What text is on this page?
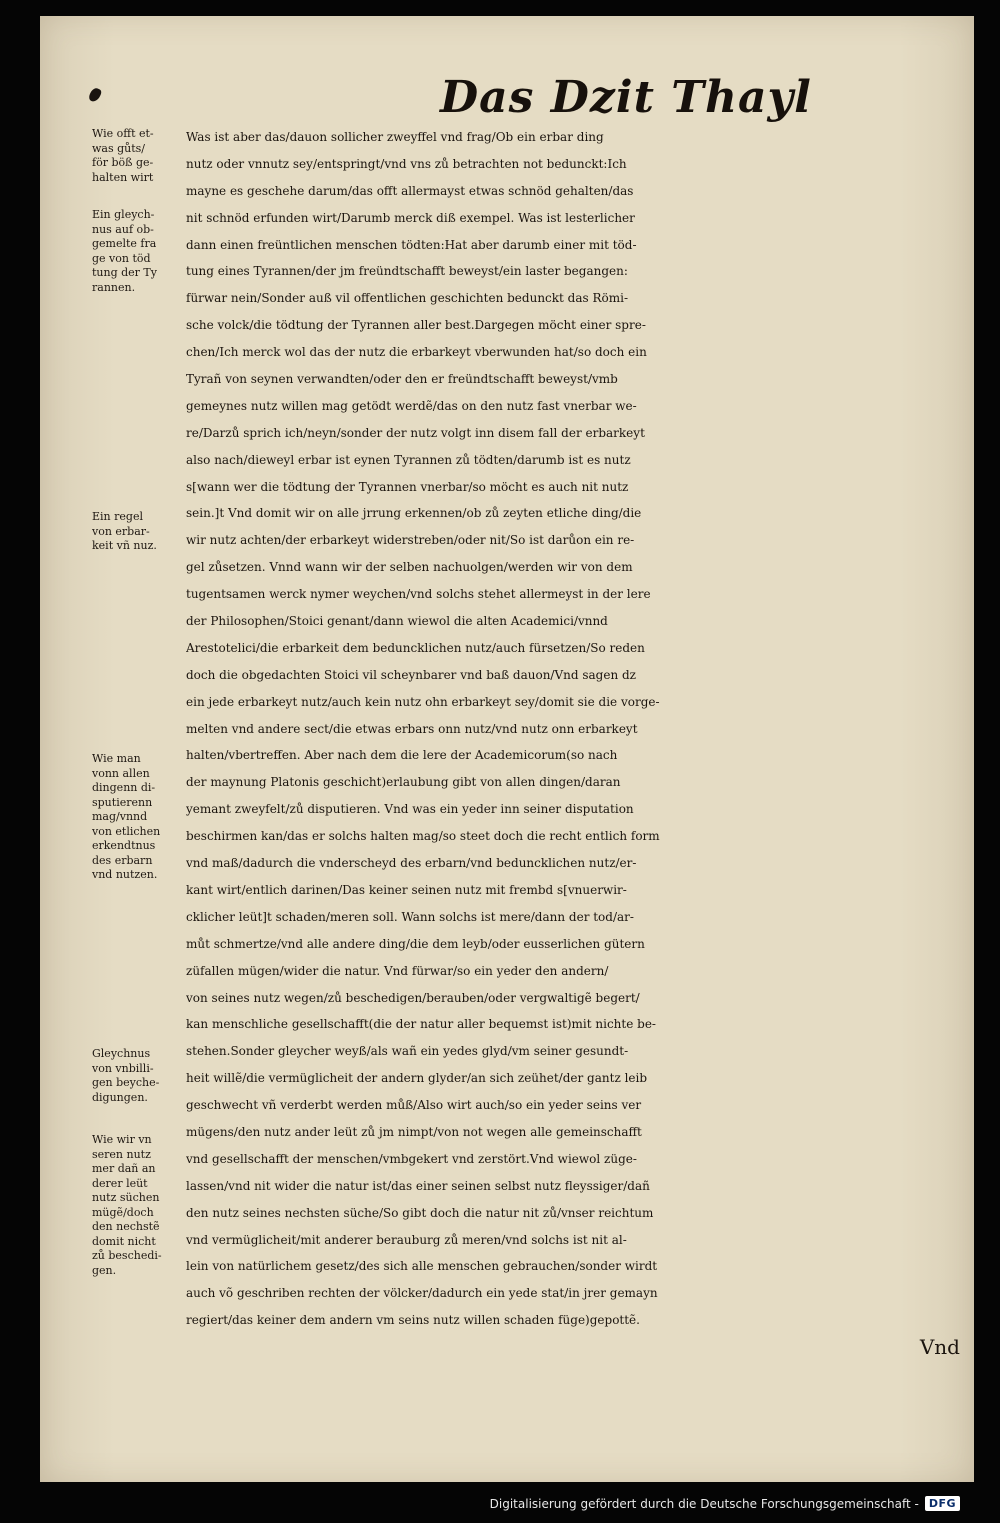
Das Dzit Thayl
Was ist aber das/dauon sollicher zweyffel vnd frag/Ob ein erbar ding
nutz oder vnnutz sey/entspringt/vnd vns zů betrachten not bedunckt:Ich
mayne es geschehe darum/das offt allermayst etwas schnöd gehalten/das
nit schnöd erfunden wirt/Darumb merck diß exempel. Was ist lesterlicher
dann einen freüntlichen menschen tödten:Hat aber darumb einer mit töd-
tung eines Tyrannen/der jm freündtschafft beweyst/ein laster begangen:
fürwar nein/Sonder auß vil offentlichen geschichten bedunckt das Römi-
sche volck/die tödtung der Tyrannen aller best.Dargegen möcht einer spre-
chen/Ich merck wol das der nutz die erbarkeyt vberwunden hat/so doch ein
Tyrañ von seynen verwandten/oder den er freündtschafft beweyst/vmb
gemeynes nutz willen mag getödt werdẽ/das on den nutz fast vnerbar we-
re/Darzů sprich ich/neyn/sonder der nutz volgt inn disem fall der erbarkeyt
also nach/dieweyl erbar ist eynen Tyrannen zů tödten/darumb ist es nutz
s[wann wer die tödtung der Tyrannen vnerbar/so möcht es auch nit nutz
sein.]t Vnd domit wir on alle jrrung erkennen/ob zů zeyten etliche ding/die
wir nutz achten/der erbarkeyt widerstreben/oder nit/So ist darůon ein re-
gel zůsetzen. Vnnd wann wir der selben nachuolgen/werden wir von dem
tugentsamen werck nymer weychen/vnd solchs stehet allermeyst in der lere
der Philosophen/Stoici genant/dann wiewol die alten Academici/vnnd
Arestotelici/die erbarkeit dem beduncklichen nutz/auch fürsetzen/So reden
doch die obgedachten Stoici vil scheynbarer vnd baß dauon/Vnd sagen dz
ein jede erbarkeyt nutz/auch kein nutz ohn erbarkeyt sey/domit sie die vorge-
melten vnd andere sect/die etwas erbars onn nutz/vnd nutz onn erbarkeyt
halten/vbertreffen. Aber nach dem die lere der Academicorum(so nach
der maynung Platonis geschicht)erlaubung gibt von allen dingen/daran
yemant zweyfelt/zů disputieren. Vnd was ein yeder inn seiner disputation
beschirmen kan/das er solchs halten mag/so steet doch die recht entlich form
vnd maß/dadurch die vnderscheyd des erbarn/vnd beduncklichen nutz/er-
kant wirt/entlich darinen/Das keiner seinen nutz mit frembd s[vnuerwir-
cklicher leüt]t schaden/meren soll. Wann solchs ist mere/dann der tod/ar-
můt schmertze/vnd alle andere ding/die dem leyb/oder eusserlichen gütern
züfallen mügen/wider die natur. Vnd fürwar/so ein yeder den andern/
von seines nutz wegen/zů beschedigen/berauben/oder vergwaltigẽ begert/
kan menschliche gesellschafft(die der natur aller bequemst ist)mit nichte be-
stehen.Sonder gleycher weyß/als wañ ein yedes glyd/vm seiner gesundt-
heit willẽ/die vermüglicheit der andern glyder/an sich zeühet/der gantz leib
geschwecht vñ verderbt werden můß/Also wirt auch/so ein yeder seins ver
mügens/den nutz ander leüt zů jm nimpt/von not wegen alle gemeinschafft
vnd gesellschafft der menschen/vmbgekert vnd zerstört.Vnd wiewol züge-
lassen/vnd nit wider die natur ist/das einer seinen selbst nutz fleyssiger/dañ
den nutz seines nechsten süche/So gibt doch die natur nit zů/vnser reichtum
vnd vermüglicheit/mit anderer berauburg zů meren/vnd solchs ist nit al-
lein von natürlichem gesetz/des sich alle menschen gebrauchen/sonder wirdt
auch võ geschriben rechten der völcker/dadurch ein yede stat/in jrer gemayn
regiert/das keiner dem andern vm seins nutz willen schaden füge)gepottẽ.
Vnd
Wie offt et-
was gůts/
för böß ge-
halten wirt
Ein gleych-
nus auf ob-
gemelte fra
ge von töd
tung der Ty
rannen.
Ein regel
von erbar-
keit vñ nuz.
Wie man
vonn allen
dingenn di-
sputierenn
mag/vnnd
von etlichen
erkendtnus
des erbarn
vnd nutzen.
Gleychnus
von vnbilli-
gen beyche-
digungen.
Wie wir vn
seren nutz
mer dañ an
derer leüt
nutz süchen
mügẽ/doch
den nechstẽ
domit nicht
zů beschedi-
gen.
Digitalisierung gefördert durch die Deutsche Forschungsgemeinschaft - DFG
